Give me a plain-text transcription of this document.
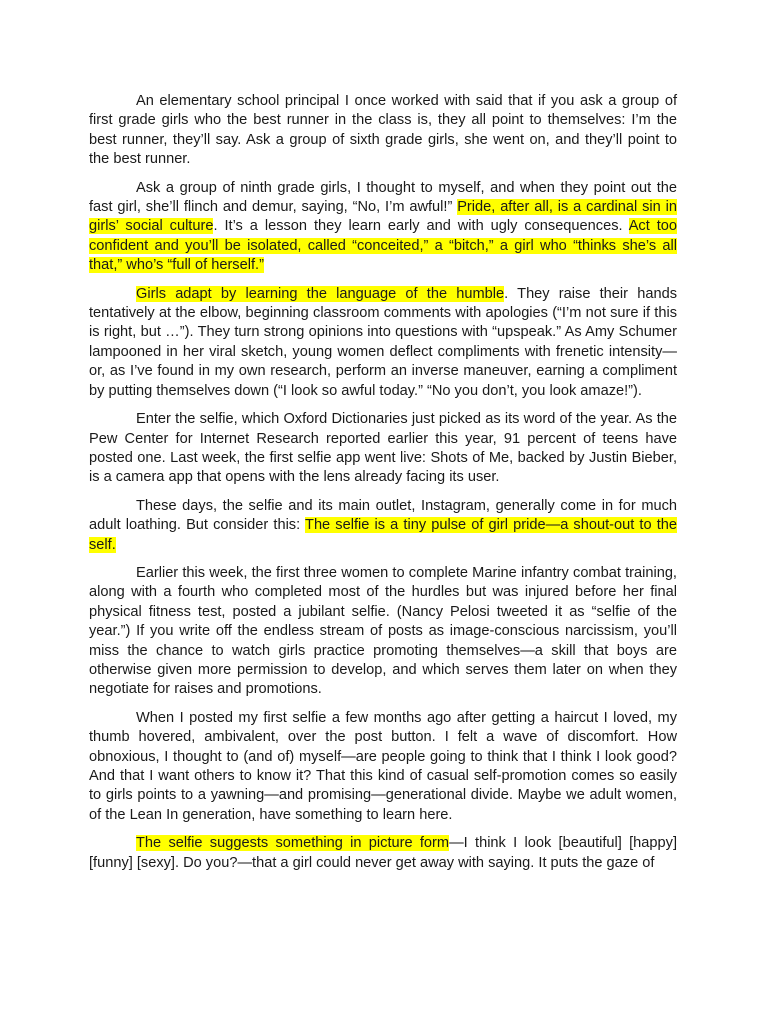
An elementary school principal I once worked with said that if you ask a group of first grade girls who the best runner in the class is, they all point to themselves: I’m the best runner, they’ll say. Ask a group of sixth grade girls, she went on, and they’ll point to the best runner.

Ask a group of ninth grade girls, I thought to myself, and when they point out the fast girl, she’ll flinch and demur, saying, “No, I’m awful!” Pride, after all, is a cardinal sin in girls’ social culture. It’s a lesson they learn early and with ugly consequences. Act too confident and you’ll be isolated, called “conceited,” a “bitch,” a girl who “thinks she’s all that,” who’s “full of herself.”

Girls adapt by learning the language of the humble. They raise their hands tentatively at the elbow, beginning classroom comments with apologies (“I’m not sure if this is right, but …”). They turn strong opinions into questions with “upspeak.” As Amy Schumer lampooned in her viral sketch, young women deflect compliments with frenetic intensity—or, as I’ve found in my own research, perform an inverse maneuver, earning a compliment by putting themselves down (“I look so awful today.” “No you don’t, you look amaze!”).

Enter the selfie, which Oxford Dictionaries just picked as its word of the year. As the Pew Center for Internet Research reported earlier this year, 91 percent of teens have posted one. Last week, the first selfie app went live: Shots of Me, backed by Justin Bieber, is a camera app that opens with the lens already facing its user.

These days, the selfie and its main outlet, Instagram, generally come in for much adult loathing. But consider this: The selfie is a tiny pulse of girl pride—a shout-out to the self.

Earlier this week, the first three women to complete Marine infantry combat training, along with a fourth who completed most of the hurdles but was injured before her final physical fitness test, posted a jubilant selfie. (Nancy Pelosi tweeted it as “selfie of the year.”) If you write off the endless stream of posts as image-conscious narcissism, you’ll miss the chance to watch girls practice promoting themselves—a skill that boys are otherwise given more permission to develop, and which serves them later on when they negotiate for raises and promotions.

When I posted my first selfie a few months ago after getting a haircut I loved, my thumb hovered, ambivalent, over the post button. I felt a wave of discomfort. How obnoxious, I thought to (and of) myself—are people going to think that I think I look good? And that I want others to know it? That this kind of casual self-promotion comes so easily to girls points to a yawning—and promising—generational divide. Maybe we adult women, of the Lean In generation, have something to learn here.

The selfie suggests something in picture form—I think I look [beautiful] [happy] [funny] [sexy]. Do you?—that a girl could never get away with saying. It puts the gaze of
